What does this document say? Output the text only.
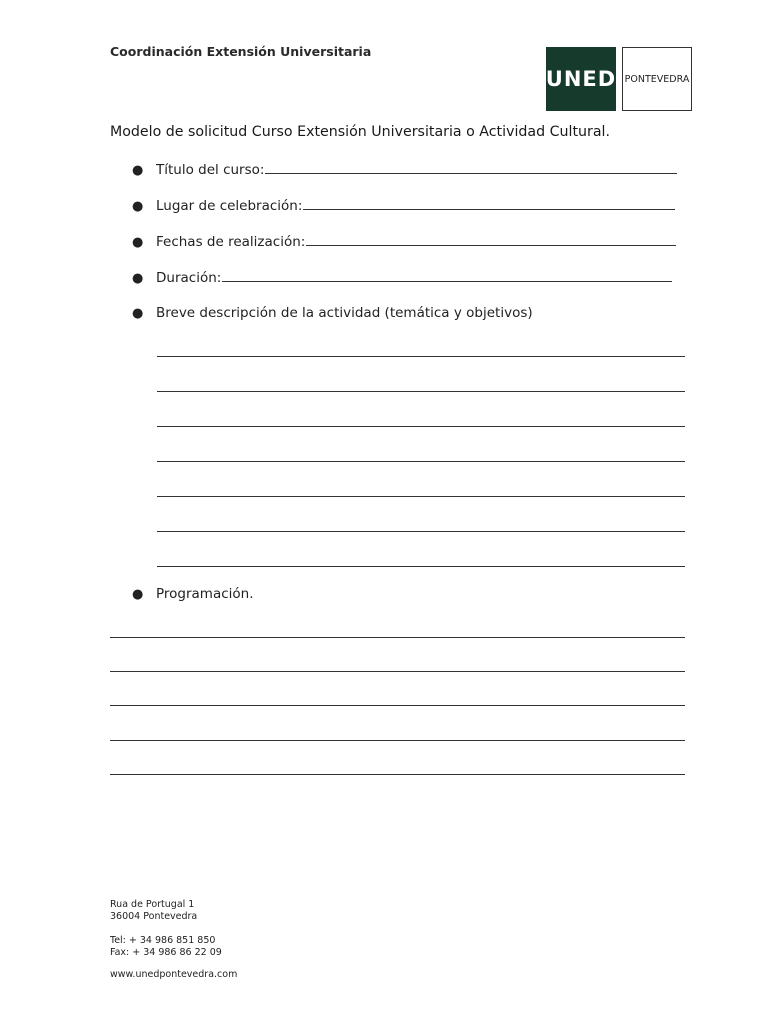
Coordinación Extensión Universitaria
UNED PONTEVEDRA
Modelo de solicitud Curso Extensión Universitaria o Actividad Cultural.
● Título del curso:
● Lugar de celebración:
● Fechas de realización:
● Duración:
● Breve descripción de la actividad (temática y objetivos)
● Programación.
Rua de Portugal 1
36004 Pontevedra
Tel: + 34 986 851 850
Fax: + 34 986 86 22 09
www.unedpontevedra.com
